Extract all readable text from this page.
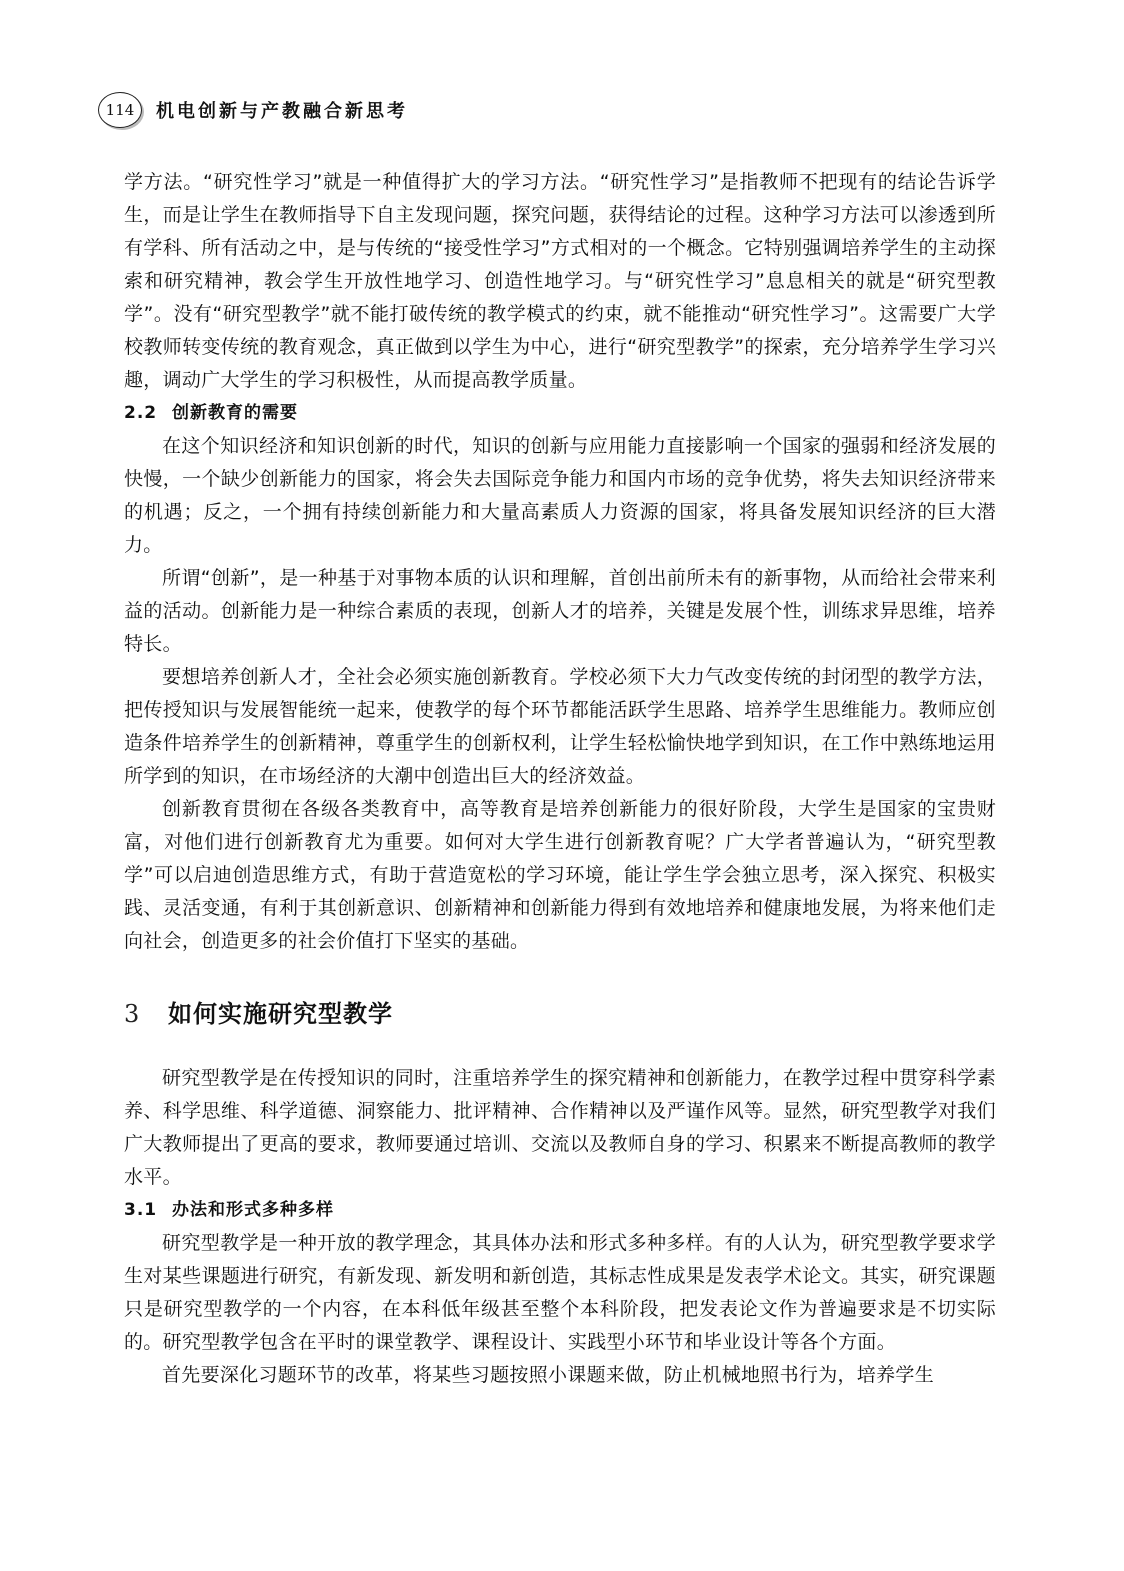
114	机电创新与产教融合新思考

学方法。“研究性学习”就是一种值得扩大的学习方法。“研究性学习”是指教师不把现有的结论告诉学生，而是让学生在教师指导下自主发现问题，探究问题，获得结论的过程。这种学习方法可以渗透到所有学科、所有活动之中，是与传统的“接受性学习”方式相对的一个概念。它特别强调培养学生的主动探索和研究精神，教会学生开放性地学习、创造性地学习。与“研究性学习”息息相关的就是“研究型教学”。没有“研究型教学”就不能打破传统的教学模式的约束，就不能推动“研究性学习”。这需要广大学校教师转变传统的教育观念，真正做到以学生为中心，进行“研究型教学”的探索，充分培养学生学习兴趣，调动广大学生的学习积极性，从而提高教学质量。

2.2 创新教育的需要

在这个知识经济和知识创新的时代，知识的创新与应用能力直接影响一个国家的强弱和经济发展的快慢，一个缺少创新能力的国家，将会失去国际竞争能力和国内市场的竞争优势，将失去知识经济带来的机遇；反之，一个拥有持续创新能力和大量高素质人力资源的国家，将具备发展知识经济的巨大潜力。

所谓“创新”，是一种基于对事物本质的认识和理解，首创出前所未有的新事物，从而给社会带来利益的活动。创新能力是一种综合素质的表现，创新人才的培养，关键是发展个性，训练求异思维，培养特长。

要想培养创新人才，全社会必须实施创新教育。学校必须下大力气改变传统的封闭型的教学方法，把传授知识与发展智能统一起来，使教学的每个环节都能活跃学生思路、培养学生思维能力。教师应创造条件培养学生的创新精神，尊重学生的创新权利，让学生轻松愉快地学到知识，在工作中熟练地运用所学到的知识，在市场经济的大潮中创造出巨大的经济效益。

创新教育贯彻在各级各类教育中，高等教育是培养创新能力的很好阶段，大学生是国家的宝贵财富，对他们进行创新教育尤为重要。如何对大学生进行创新教育呢？广大学者普遍认为，“研究型教学”可以启迪创造思维方式，有助于营造宽松的学习环境，能让学生学会独立思考，深入探究、积极实践、灵活变通，有利于其创新意识、创新精神和创新能力得到有效地培养和健康地发展，为将来他们走向社会，创造更多的社会价值打下坚实的基础。

3	如何实施研究型教学

研究型教学是在传授知识的同时，注重培养学生的探究精神和创新能力，在教学过程中贯穿科学素养、科学思维、科学道德、洞察能力、批评精神、合作精神以及严谨作风等。显然，研究型教学对我们广大教师提出了更高的要求，教师要通过培训、交流以及教师自身的学习、积累来不断提高教师的教学水平。

3.1 办法和形式多种多样

研究型教学是一种开放的教学理念，其具体办法和形式多种多样。有的人认为，研究型教学要求学生对某些课题进行研究，有新发现、新发明和新创造，其标志性成果是发表学术论文。其实，研究课题只是研究型教学的一个内容，在本科低年级甚至整个本科阶段，把发表论文作为普遍要求是不切实际的。研究型教学包含在平时的课堂教学、课程设计、实践型小环节和毕业设计等各个方面。

首先要深化习题环节的改革，将某些习题按照小课题来做，防止机械地照书行为，培养学生
